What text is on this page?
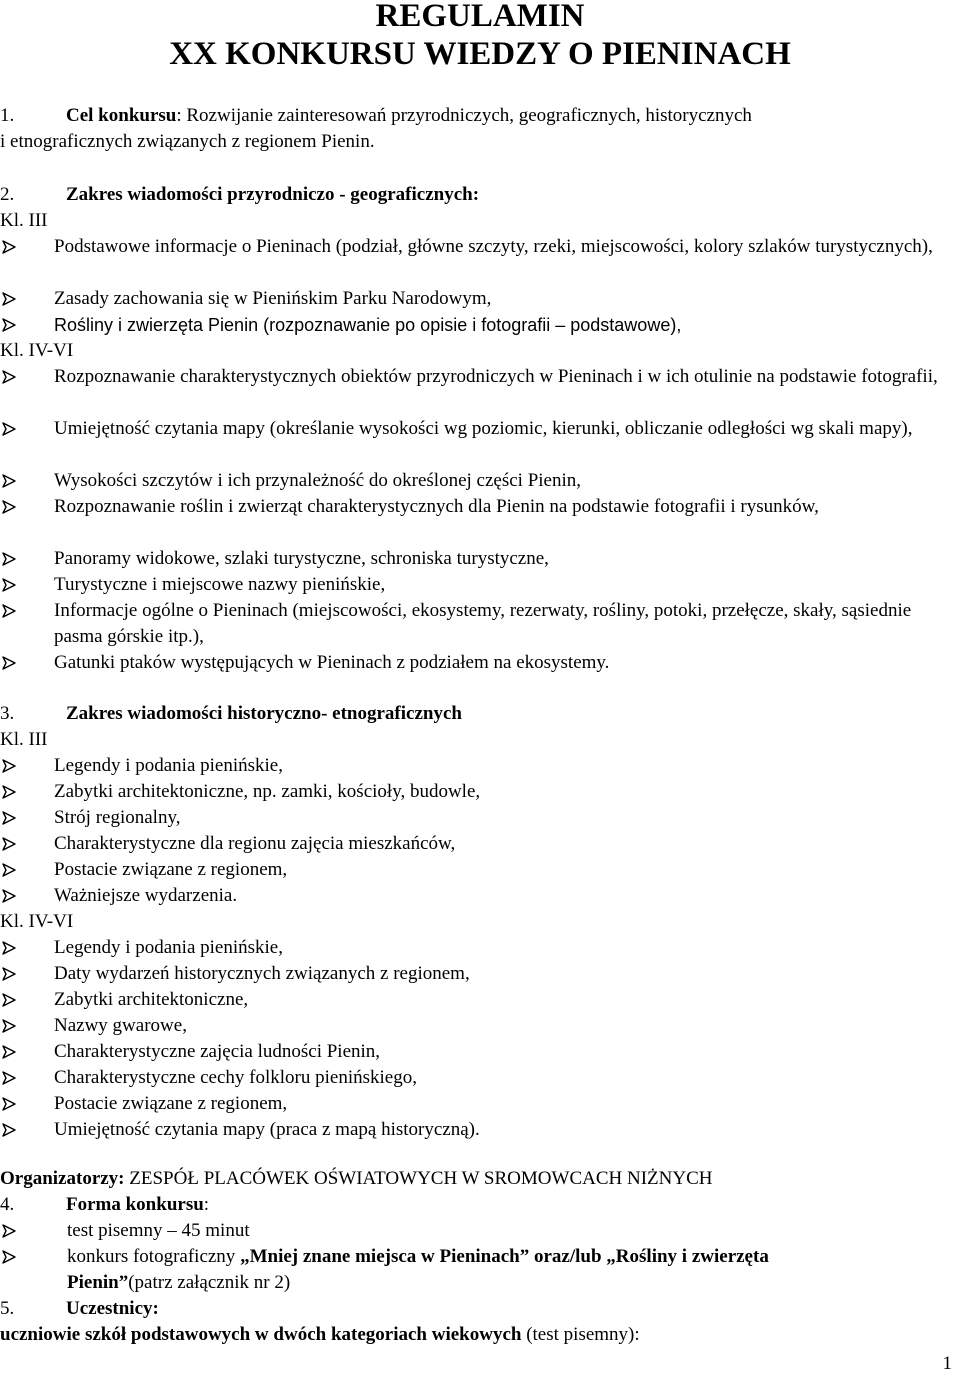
REGULAMIN
XX KONKURSU WIEDZY O PIENINACH
1.	Cel konkursu: Rozwijanie zainteresowań przyrodniczych, geograficznych, historycznych
i etnograficznych związanych z regionem Pienin.
2.	Zakres wiadomości przyrodniczo - geograficznych:
Kl. III
Podstawowe informacje o Pieninach (podział, główne szczyty, rzeki, miejscowości, kolory szlaków turystycznych),
Zasady zachowania się w Pienińskim Parku Narodowym,
Rośliny i zwierzęta Pienin (rozpoznawanie po opisie i fotografii – podstawowe),
Kl. IV-VI
Rozpoznawanie charakterystycznych obiektów przyrodniczych w Pieninach i w ich otulinie na podstawie fotografii,
Umiejętność czytania mapy (określanie wysokości wg poziomic, kierunki, obliczanie odległości wg skali mapy),
Wysokości szczytów i ich przynależność do określonej części Pienin,
Rozpoznawanie roślin i zwierząt charakterystycznych dla Pienin na podstawie fotografii i rysunków,
Panoramy widokowe, szlaki turystyczne, schroniska turystyczne,
Turystyczne i miejscowe nazwy pienińskie,
Informacje ogólne o Pieninach (miejscowości, ekosystemy, rezerwaty, rośliny, potoki, przełęcze, skały, sąsiednie pasma górskie itp.),
Gatunki ptaków występujących w Pieninach z podziałem na ekosystemy.
3.	Zakres wiadomości historyczno- etnograficznych
Kl. III
Legendy i podania pienińskie,
Zabytki architektoniczne, np. zamki, kościoły, budowle,
Strój regionalny,
Charakterystyczne dla regionu zajęcia mieszkańców,
Postacie związane z regionem,
Ważniejsze wydarzenia.
Kl. IV-VI
Legendy i podania pienińskie,
Daty wydarzeń historycznych związanych z regionem,
Zabytki architektoniczne,
Nazwy gwarowe,
Charakterystyczne zajęcia ludności Pienin,
Charakterystyczne cechy folkloru pienińskiego,
Postacie związane z regionem,
Umiejętność czytania mapy (praca z mapą historyczną).
Organizatorzy: ZESPÓŁ PLACÓWEK OŚWIATOWYCH W SROMOWCACH NIŻNYCH
4.	Forma konkursu:
test pisemny – 45 minut
konkurs fotograficzny „Mniej znane miejsca w Pieninach” oraz/lub „Rośliny i zwierzęta
Pienin”(patrz załącznik nr 2)
5.	Uczestnicy:
uczniowie szkół podstawowych w dwóch kategoriach wiekowych (test pisemny):
1
